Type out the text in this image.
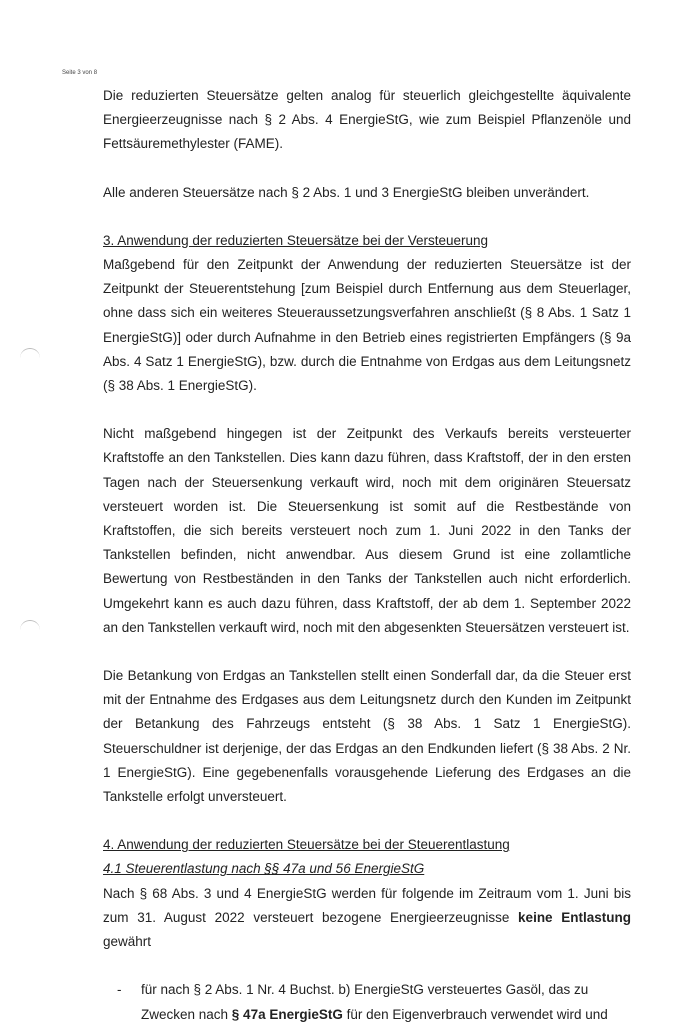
Seite 3 von 8

Die reduzierten Steuersätze gelten analog für steuerlich gleichgestellte äquivalente Energieerzeugnisse nach § 2 Abs. 4 EnergieStG, wie zum Beispiel Pflanzenöle und Fettsäuremethylester (FAME).

Alle anderen Steuersätze nach § 2 Abs. 1 und 3 EnergieStG bleiben unverändert.

3. Anwendung der reduzierten Steuersätze bei der Versteuerung

Maßgebend für den Zeitpunkt der Anwendung der reduzierten Steuersätze ist der Zeitpunkt der Steuerentstehung [zum Beispiel durch Entfernung aus dem Steuerlager, ohne dass sich ein weiteres Steueraussetzungsverfahren anschließt (§ 8 Abs. 1 Satz 1 EnergieStG)] oder durch Aufnahme in den Betrieb eines registrierten Empfängers (§ 9a Abs. 4 Satz 1 EnergieStG), bzw. durch die Entnahme von Erdgas aus dem Leitungsnetz (§ 38 Abs. 1 EnergieStG).

Nicht maßgebend hingegen ist der Zeitpunkt des Verkaufs bereits versteuerter Kraftstoffe an den Tankstellen. Dies kann dazu führen, dass Kraftstoff, der in den ersten Tagen nach der Steuersenkung verkauft wird, noch mit dem originären Steuersatz versteuert worden ist. Die Steuersenkung ist somit auf die Restbestände von Kraftstoffen, die sich bereits versteuert noch zum 1. Juni 2022 in den Tanks der Tankstellen befinden, nicht anwendbar. Aus diesem Grund ist eine zollamtliche Bewertung von Restbeständen in den Tanks der Tankstellen auch nicht erforderlich. Umgekehrt kann es auch dazu führen, dass Kraftstoff, der ab dem 1. September 2022 an den Tankstellen verkauft wird, noch mit den abgesenkten Steuersätzen versteuert ist.

Die Betankung von Erdgas an Tankstellen stellt einen Sonderfall dar, da die Steuer erst mit der Entnahme des Erdgases aus dem Leitungsnetz durch den Kunden im Zeitpunkt der Betankung des Fahrzeugs entsteht (§ 38 Abs. 1 Satz 1 EnergieStG). Steuerschuldner ist derjenige, der das Erdgas an den Endkunden liefert (§ 38 Abs. 2 Nr. 1 EnergieStG). Eine gegebenenfalls vorausgehende Lieferung des Erdgases an die Tankstelle erfolgt unversteuert.

4. Anwendung der reduzierten Steuersätze bei der Steuerentlastung

4.1 Steuerentlastung nach §§ 47a und 56 EnergieStG

Nach § 68 Abs. 3 und 4 EnergieStG werden für folgende im Zeitraum vom 1. Juni bis zum 31. August 2022 versteuert bezogene Energieerzeugnisse keine Entlastung gewährt

- für nach § 2 Abs. 1 Nr. 4 Buchst. b) EnergieStG versteuertes Gasöl, das zu Zwecken nach § 47a EnergieStG für den Eigenverbrauch verwendet wird und
